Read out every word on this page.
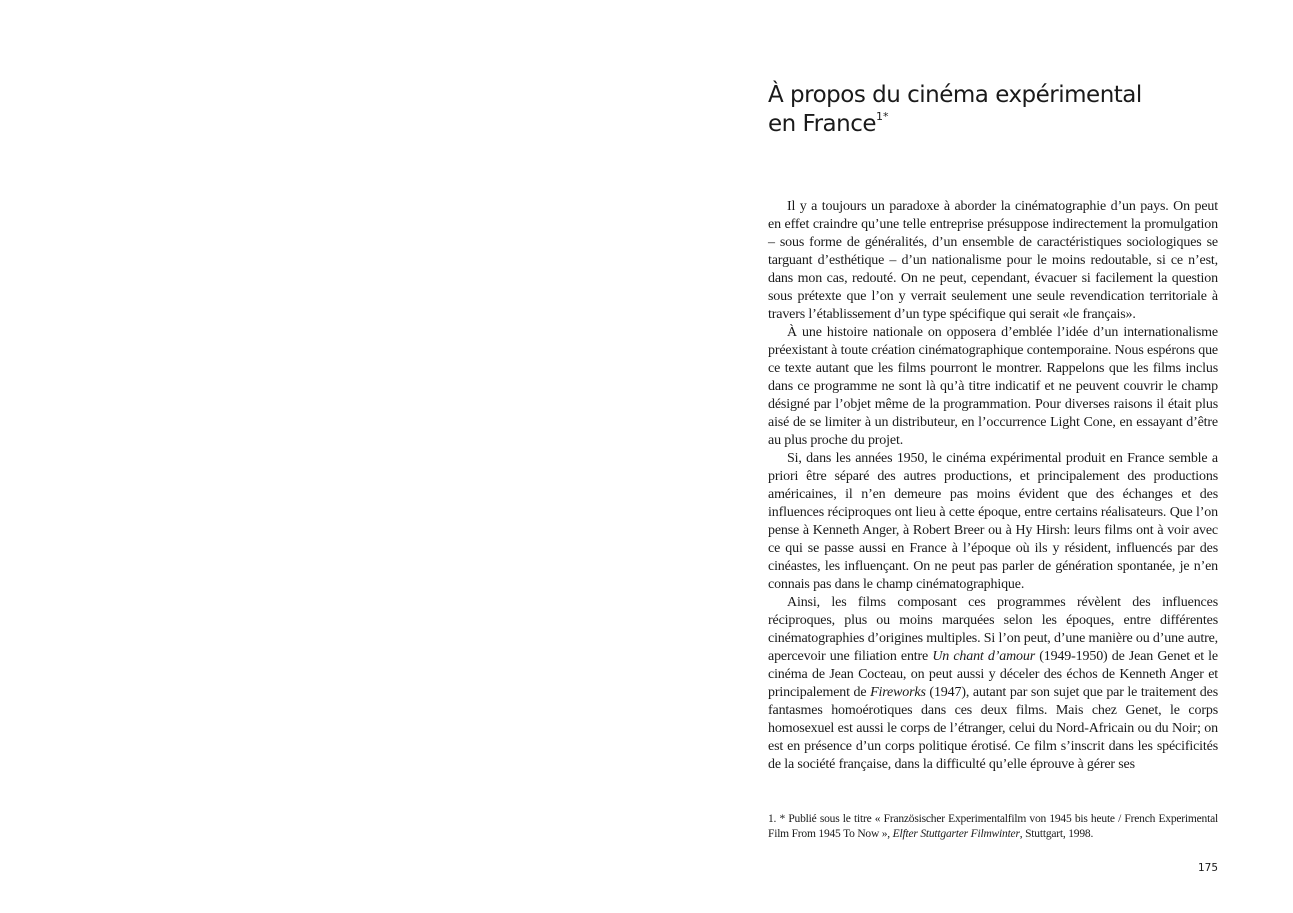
À propos du cinéma expérimental
en France$^{1*}$

Il y a toujours un paradoxe à aborder la cinématographie d’un pays. On peut en effet craindre qu’une telle entreprise présuppose indirectement la promulgation – sous forme de généralités, d’un ensemble de caractéristiques sociologiques se targuant d’esthétique – d’un nationalisme pour le moins redoutable, si ce n’est, dans mon cas, redouté. On ne peut, cependant, évacuer si facilement la question sous prétexte que l’on y verrait seulement une seule revendication territoriale à travers l’établissement d’un type spécifique qui serait «le français».

À une histoire nationale on opposera d’emblée l’idée d’un internationalisme préexistant à toute création cinématographique contemporaine. Nous espérons que ce texte autant que les films pourront le montrer. Rappelons que les films inclus dans ce programme ne sont là qu’à titre indicatif et ne peuvent couvrir le champ désigné par l’objet même de la programmation. Pour diverses raisons il était plus aisé de se limiter à un distributeur, en l’occurrence Light Cone, en essayant d’être au plus proche du projet.

Si, dans les années 1950, le cinéma expérimental produit en France semble a priori être séparé des autres productions, et principalement des productions américaines, il n’en demeure pas moins évident que des échanges et des influences réciproques ont lieu à cette époque, entre certains réalisateurs. Que l’on pense à Kenneth Anger, à Robert Breer ou à Hy Hirsh: leurs films ont à voir avec ce qui se passe aussi en France à l’époque où ils y résident, influencés par des cinéastes, les influençant. On ne peut pas parler de génération spontanée, je n’en connais pas dans le champ cinématographique.

Ainsi, les films composant ces programmes révèlent des influences réciproques, plus ou moins marquées selon les époques, entre différentes cinématographies d’origines multiples. Si l’on peut, d’une manière ou d’une autre, apercevoir une filiation entre Un chant d’amour (1949-1950) de Jean Genet et le cinéma de Jean Cocteau, on peut aussi y déceler des échos de Kenneth Anger et principalement de Fireworks (1947), autant par son sujet que par le traitement des fantasmes homoérotiques dans ces deux films. Mais chez Genet, le corps homosexuel est aussi le corps de l’étranger, celui du Nord-Africain ou du Noir; on est en présence d’un corps politique érotisé. Ce film s’inscrit dans les spécificités de la société française, dans la difficulté qu’elle éprouve à gérer ses

1. * Publié sous le titre « Französischer Experimentalfilm von 1945 bis heute / French Experimental Film From 1945 To Now », Elfter Stuttgarter Filmwinter, Stuttgart, 1998.
175
